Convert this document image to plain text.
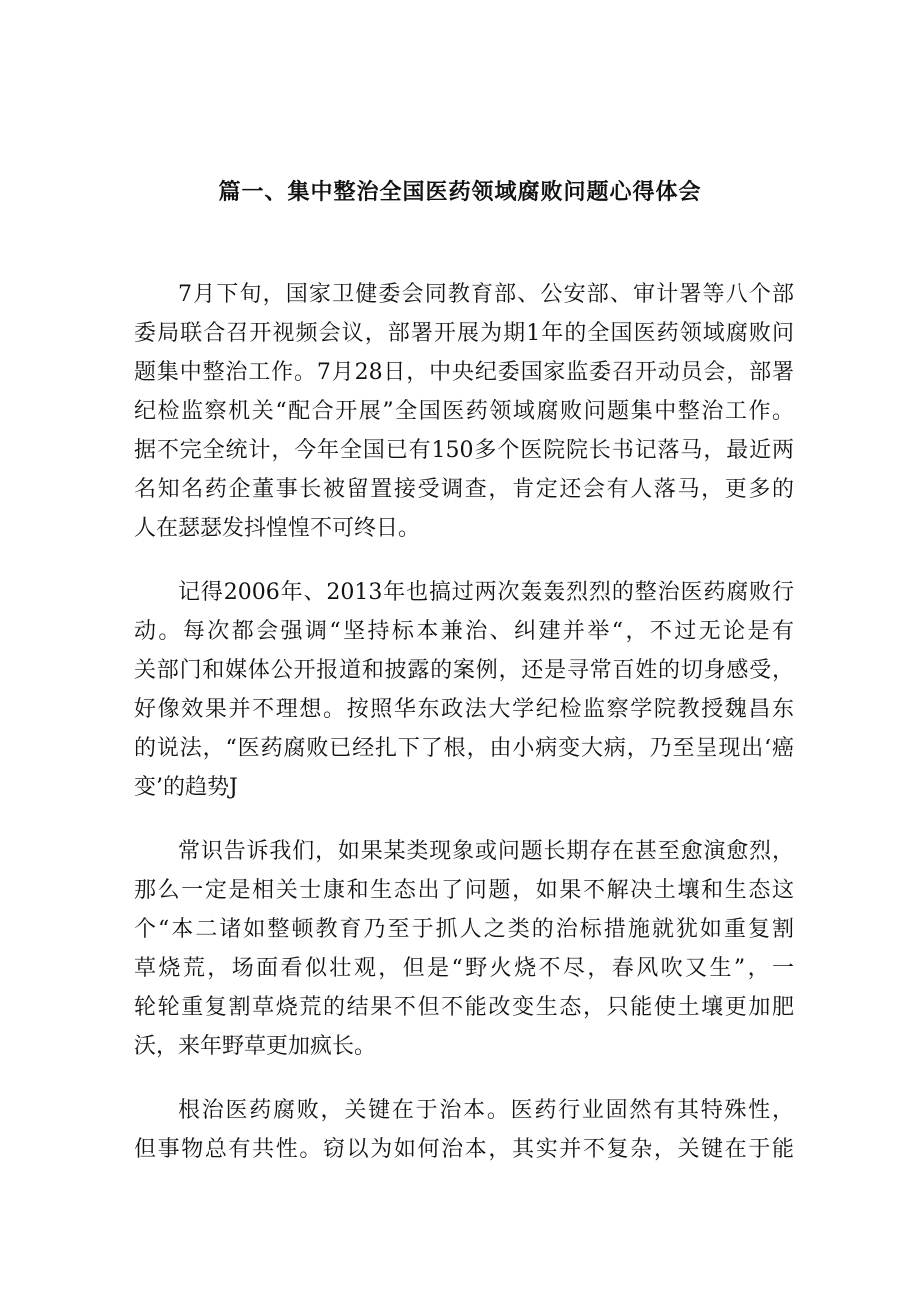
篇一、集中整治全国医药领域腐败问题心得体会
7月下旬，国家卫健委会同教育部、公安部、审计署等八个部
委局联合召开视频会议，部署开展为期1年的全国医药领域腐败问
题集中整治工作。7月28日，中央纪委国家监委召开动员会，部署
纪检监察机关“配合开展”全国医药领域腐败问题集中整治工作。
据不完全统计，今年全国已有150多个医院院长书记落马，最近两
名知名药企董事长被留置接受调查，肯定还会有人落马，更多的
人在瑟瑟发抖惶惶不可终日。
记得2006年、2013年也搞过两次轰轰烈烈的整治医药腐败行
动。每次都会强调“坚持标本兼治、纠建并举“，不过无论是有
关部门和媒体公开报道和披露的案例，还是寻常百姓的切身感受，
好像效果并不理想。按照华东政法大学纪检监察学院教授魏昌东
的说法，“医药腐败已经扎下了根，由小病变大病，乃至呈现出‘癌
变’的趋势J
常识告诉我们，如果某类现象或问题长期存在甚至愈演愈烈，
那么一定是相关士康和生态出了问题，如果不解决土壤和生态这
个“本二诸如整顿教育乃至于抓人之类的治标措施就犹如重复割
草烧荒，场面看似壮观，但是“野火烧不尽，春风吹又生”，一
轮轮重复割草烧荒的结果不但不能改变生态，只能使土壤更加肥
沃，来年野草更加疯长。
根治医药腐败，关键在于治本。医药行业固然有其特殊性，
但事物总有共性。窃以为如何治本，其实并不复杂，关键在于能
